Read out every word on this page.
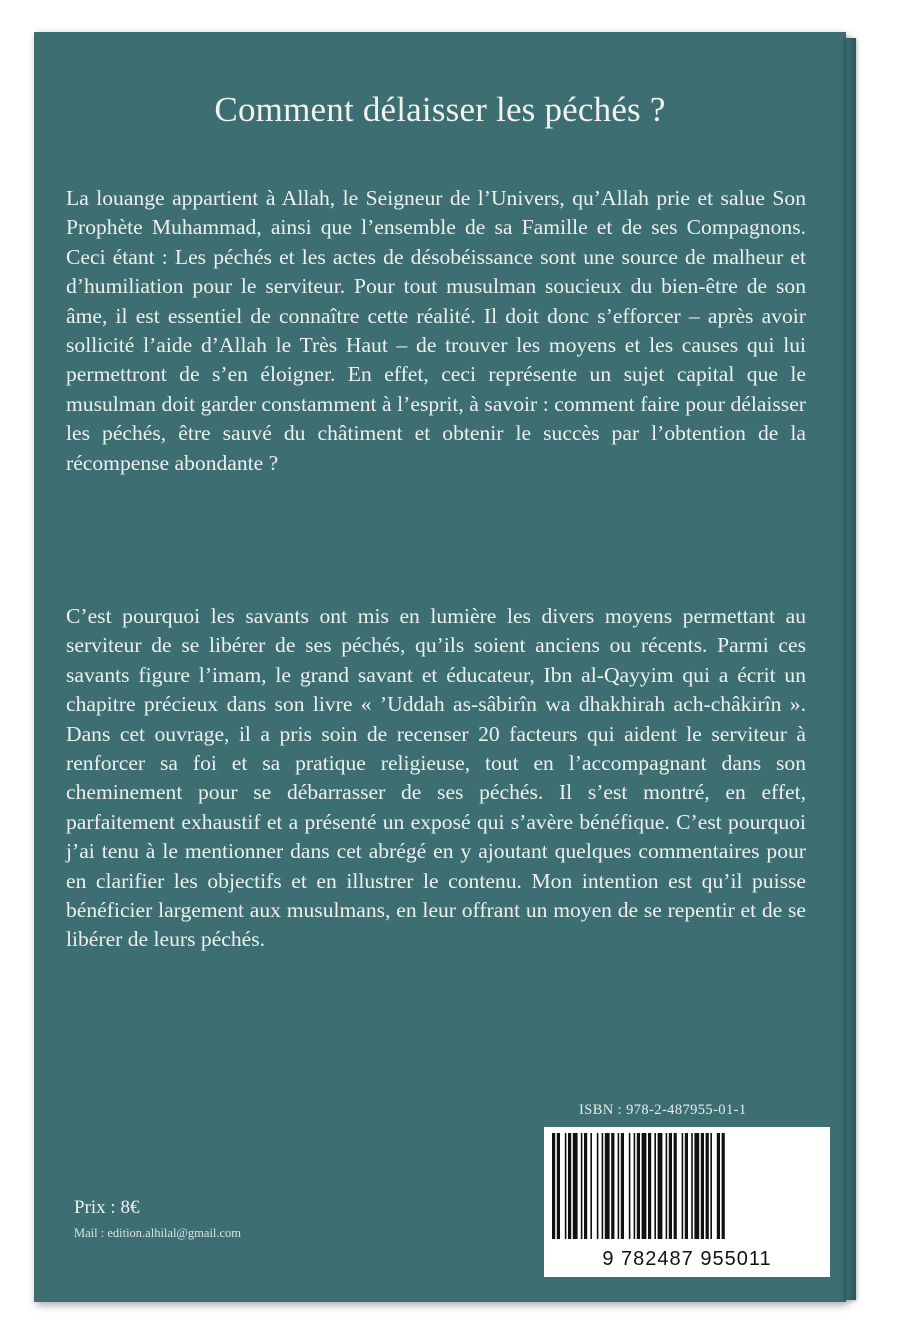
Comment délaisser les péchés ?
La louange appartient à Allah, le Seigneur de l’Univers, qu’Allah prie et salue Son Prophète Muhammad, ainsi que l’ensemble de sa Famille et de ses Compagnons. Ceci étant : Les péchés et les actes de désobéissance sont une source de malheur et d’humiliation pour le serviteur. Pour tout musulman soucieux du bien-être de son âme, il est essentiel de connaître cette réalité. Il doit donc s’efforcer – après avoir sollicité l’aide d’Allah le Très Haut – de trouver les moyens et les causes qui lui permettront de s’en éloigner. En effet, ceci représente un sujet capital que le musulman doit garder constamment à l’esprit, à savoir : comment faire pour délaisser les péchés, être sauvé du châtiment et obtenir le succès par l’obtention de la récompense abondante ?
C’est pourquoi les savants ont mis en lumière les divers moyens permettant au serviteur de se libérer de ses péchés, qu’ils soient anciens ou récents. Parmi ces savants figure l’imam, le grand savant et éducateur, Ibn al-Qayyim qui a écrit un chapitre précieux dans son livre « ’Uddah as-sâbirîn wa dhakhirah ach-châkirîn ». Dans cet ouvrage, il a pris soin de recenser 20 facteurs qui aident le serviteur à renforcer sa foi et sa pratique religieuse, tout en l’accompagnant dans son cheminement pour se débarrasser de ses péchés. Il s’est montré, en effet, parfaitement exhaustif et a présenté un exposé qui s’avère bénéfique. C’est pourquoi j’ai tenu à le mentionner dans cet abrégé en y ajoutant quelques commentaires pour en clarifier les objectifs et en illustrer le contenu. Mon intention est qu’il puisse bénéficier largement aux musulmans, en leur offrant un moyen de se repentir et de se libérer de leurs péchés.
ISBN : 978-2-487955-01-1
9 782487 955011
Prix : 8€
Mail : edition.alhilal@gmail.com
